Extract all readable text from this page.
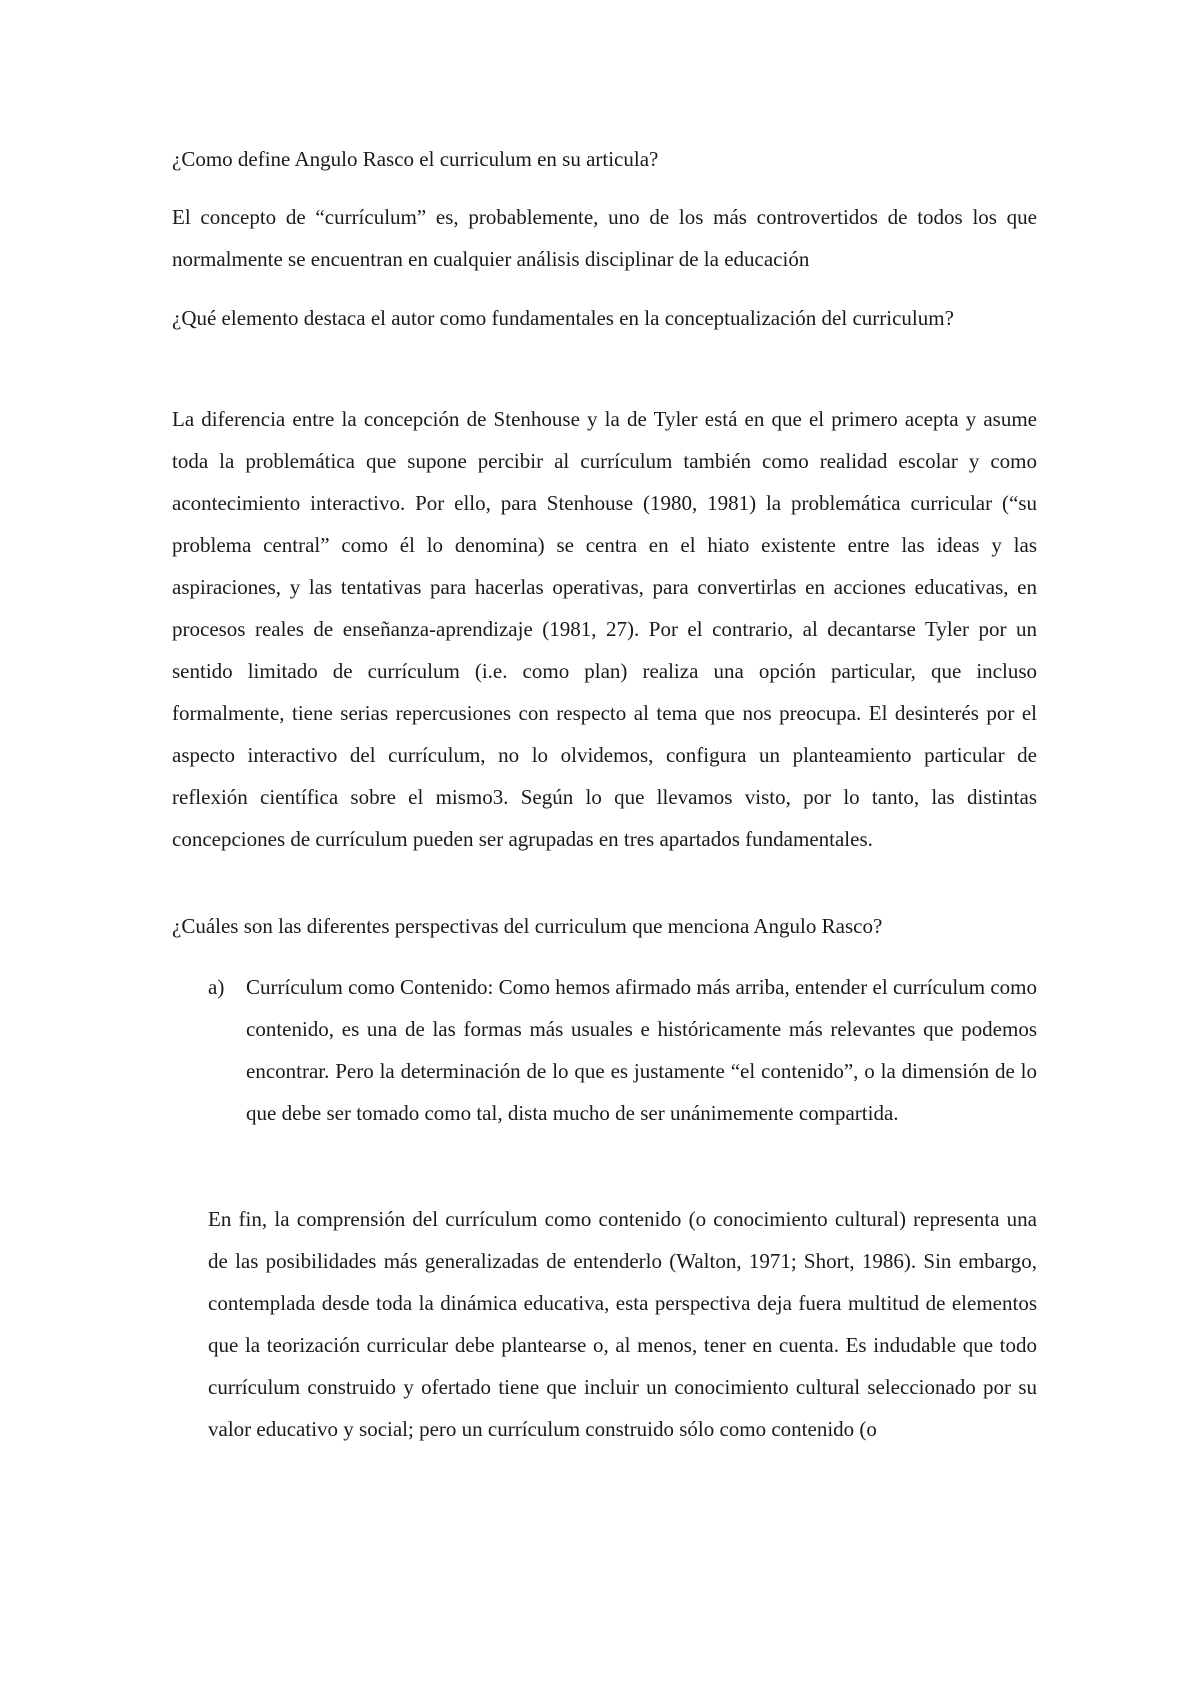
¿Como define Angulo Rasco el curriculum en su articula?

El concepto de “currículum” es, probablemente, uno de los más controvertidos de todos los que normalmente se encuentran en cualquier análisis disciplinar de la educación

¿Qué elemento destaca el autor como fundamentales en la conceptualización del curriculum?

La diferencia entre la concepción de Stenhouse y la de Tyler está en que el primero acepta y asume toda la problemática que supone percibir al currículum también como realidad escolar y como acontecimiento interactivo. Por ello, para Stenhouse (1980, 1981) la problemática curricular (“su problema central” como él lo denomina) se centra en el hiato existente entre las ideas y las aspiraciones, y las tentativas para hacerlas operativas, para convertirlas en acciones educativas, en procesos reales de enseñanza-aprendizaje (1981, 27). Por el contrario, al decantarse Tyler por un sentido limitado de currículum (i.e. como plan) realiza una opción particular, que incluso formalmente, tiene serias repercusiones con respecto al tema que nos preocupa. El desinterés por el aspecto interactivo del currículum, no lo olvidemos, configura un planteamiento particular de reflexión científica sobre el mismo3. Según lo que llevamos visto, por lo tanto, las distintas concepciones de currículum pueden ser agrupadas en tres apartados fundamentales.

¿Cuáles son las diferentes perspectivas del curriculum que menciona Angulo Rasco?

a)	Currículum como Contenido: Como hemos afirmado más arriba, entender el currículum como contenido, es una de las formas más usuales e históricamente más relevantes que podemos encontrar. Pero la determinación de lo que es justamente “el contenido”, o la dimensión de lo que debe ser tomado como tal, dista mucho de ser unánimemente compartida.

En fin, la comprensión del currículum como contenido (o conocimiento cultural) representa una de las posibilidades más generalizadas de entenderlo (Walton, 1971; Short, 1986). Sin embargo, contemplada desde toda la dinámica educativa, esta perspectiva deja fuera multitud de elementos que la teorización curricular debe plantearse o, al menos, tener en cuenta. Es indudable que todo currículum construido y ofertado tiene que incluir un conocimiento cultural seleccionado por su valor educativo y social; pero un currículum construido sólo como contenido (o
